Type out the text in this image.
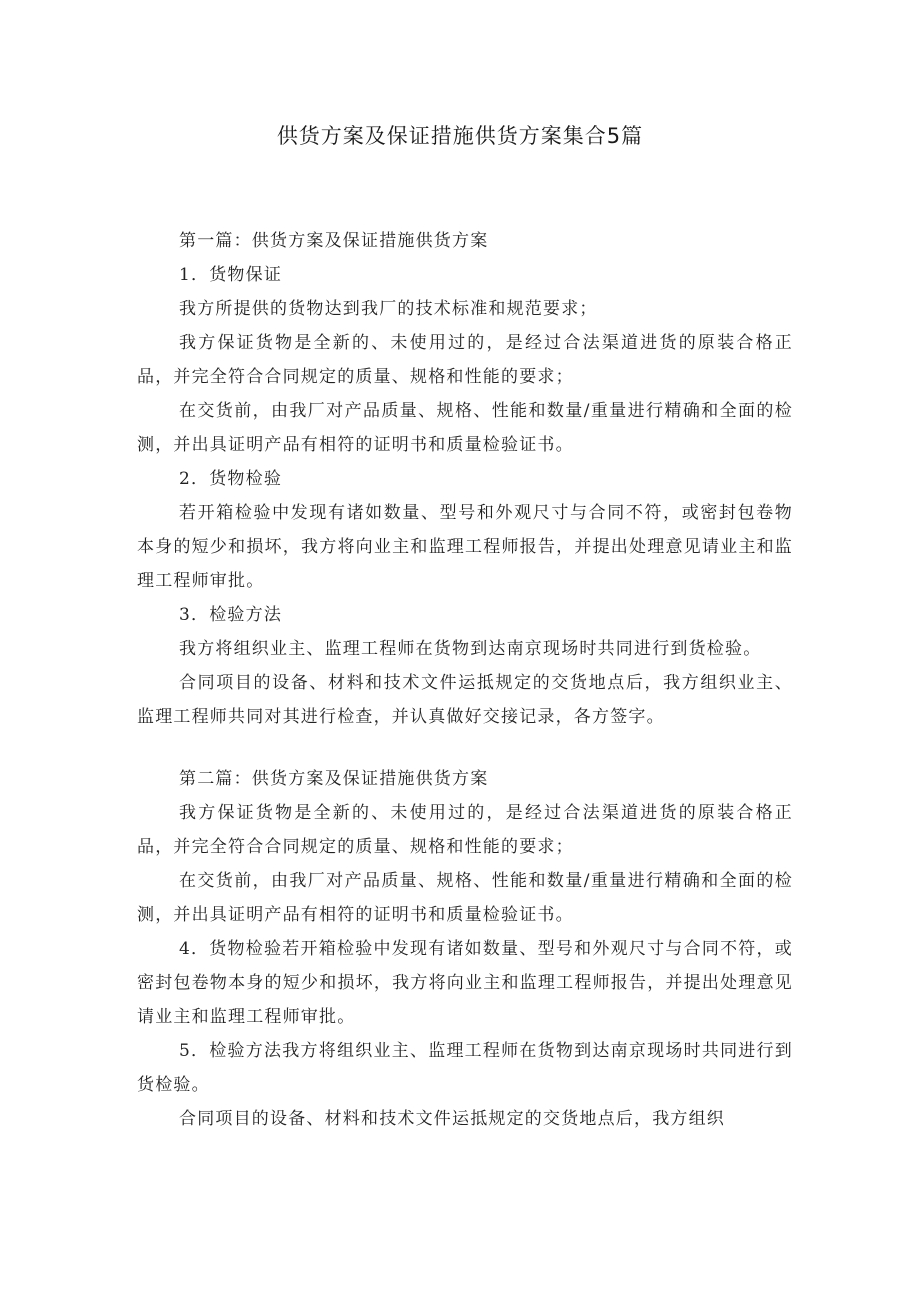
供货方案及保证措施供货方案集合5篇

第一篇：供货方案及保证措施供货方案

1．货物保证

我方所提供的货物达到我厂的技术标准和规范要求；

我方保证货物是全新的、未使用过的，是经过合法渠道进货的原装合格正品，并完全符合合同规定的质量、规格和性能的要求；

在交货前，由我厂对产品质量、规格、性能和数量/重量进行精确和全面的检测，并出具证明产品有相符的证明书和质量检验证书。

2．货物检验

若开箱检验中发现有诸如数量、型号和外观尺寸与合同不符，或密封包卷物本身的短少和损坏，我方将向业主和监理工程师报告，并提出处理意见请业主和监理工程师审批。

3．检验方法

我方将组织业主、监理工程师在货物到达南京现场时共同进行到货检验。

合同项目的设备、材料和技术文件运抵规定的交货地点后，我方组织业主、监理工程师共同对其进行检查，并认真做好交接记录，各方签字。

第二篇：供货方案及保证措施供货方案

我方保证货物是全新的、未使用过的，是经过合法渠道进货的原装合格正品，并完全符合合同规定的质量、规格和性能的要求；

在交货前，由我厂对产品质量、规格、性能和数量/重量进行精确和全面的检测，并出具证明产品有相符的证明书和质量检验证书。

4．货物检验若开箱检验中发现有诸如数量、型号和外观尺寸与合同不符，或密封包卷物本身的短少和损坏，我方将向业主和监理工程师报告，并提出处理意见请业主和监理工程师审批。

5．检验方法我方将组织业主、监理工程师在货物到达南京现场时共同进行到货检验。

合同项目的设备、材料和技术文件运抵规定的交货地点后，我方组织
